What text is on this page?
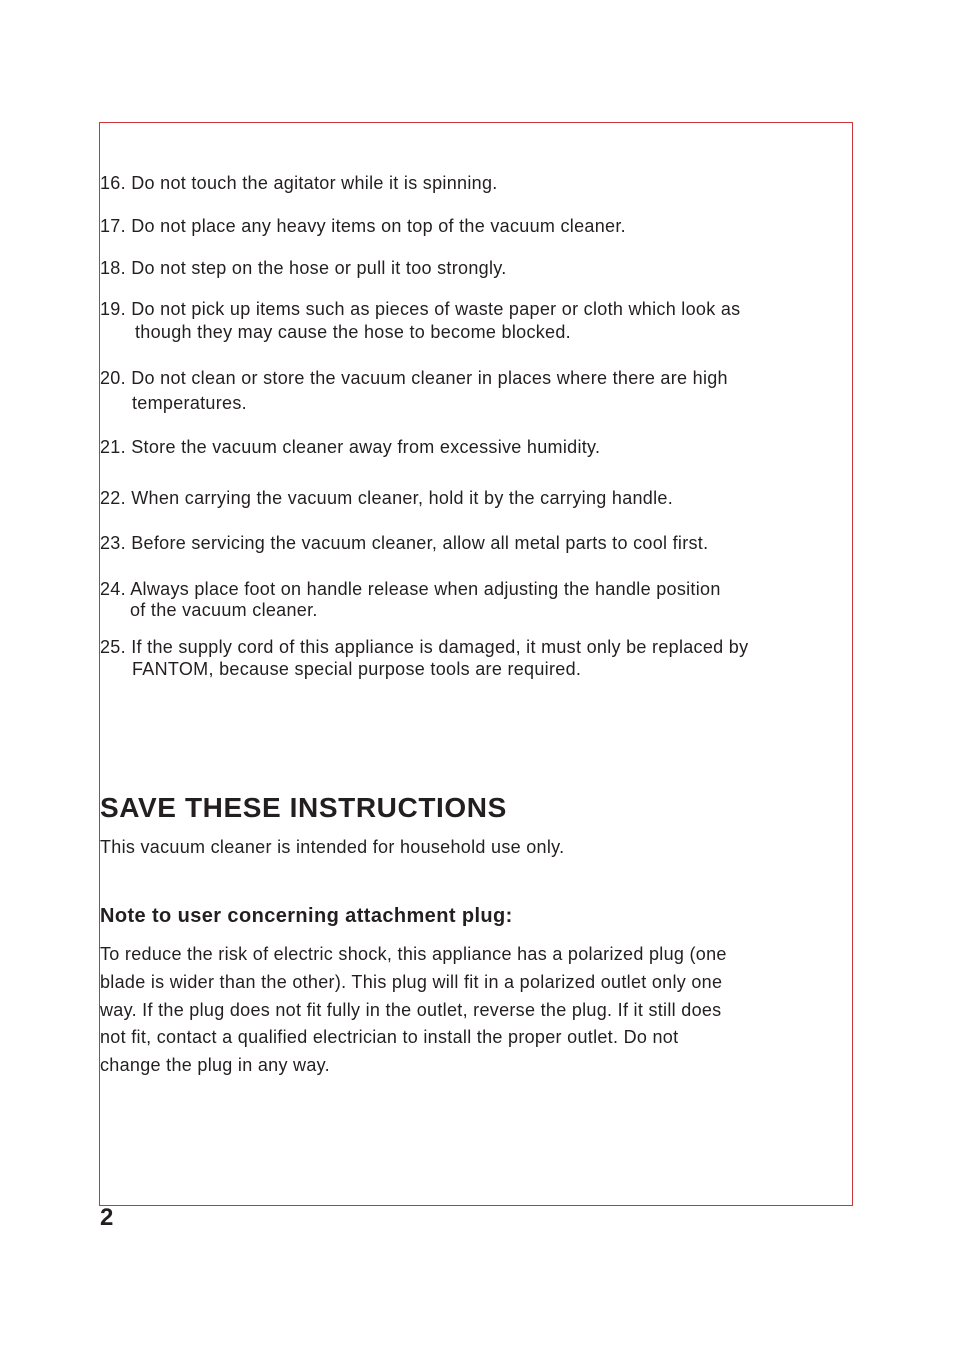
16. Do not touch the agitator while it is spinning.

17. Do not place any heavy items on top of the vacuum cleaner.

18. Do not step on the hose or pull it too strongly.

19. Do not pick up items such as pieces of waste paper or cloth which look as
though they may cause the hose to become blocked.

20. Do not clean or store the vacuum cleaner in places where there are high
temperatures.

21. Store the vacuum cleaner away from excessive humidity.

22. When carrying the vacuum cleaner, hold it by the carrying handle.

23. Before servicing the vacuum cleaner, allow all metal parts to cool first.

24. Always place foot on handle release when adjusting the handle position
of the vacuum cleaner.

25. If the supply cord of this appliance is damaged, it must only be replaced by
FANTOM, because special purpose tools are required.

SAVE THESE INSTRUCTIONS

This vacuum cleaner is intended for household use only.

Note to user concerning attachment plug:

To reduce the risk of electric shock, this appliance has a polarized plug (one
blade is wider than the other). This plug will fit in a polarized outlet only one
way. If the plug does not fit fully in the outlet, reverse the plug. If it still does
not fit, contact a qualified electrician to install the proper outlet. Do not
change the plug in any way.

2
